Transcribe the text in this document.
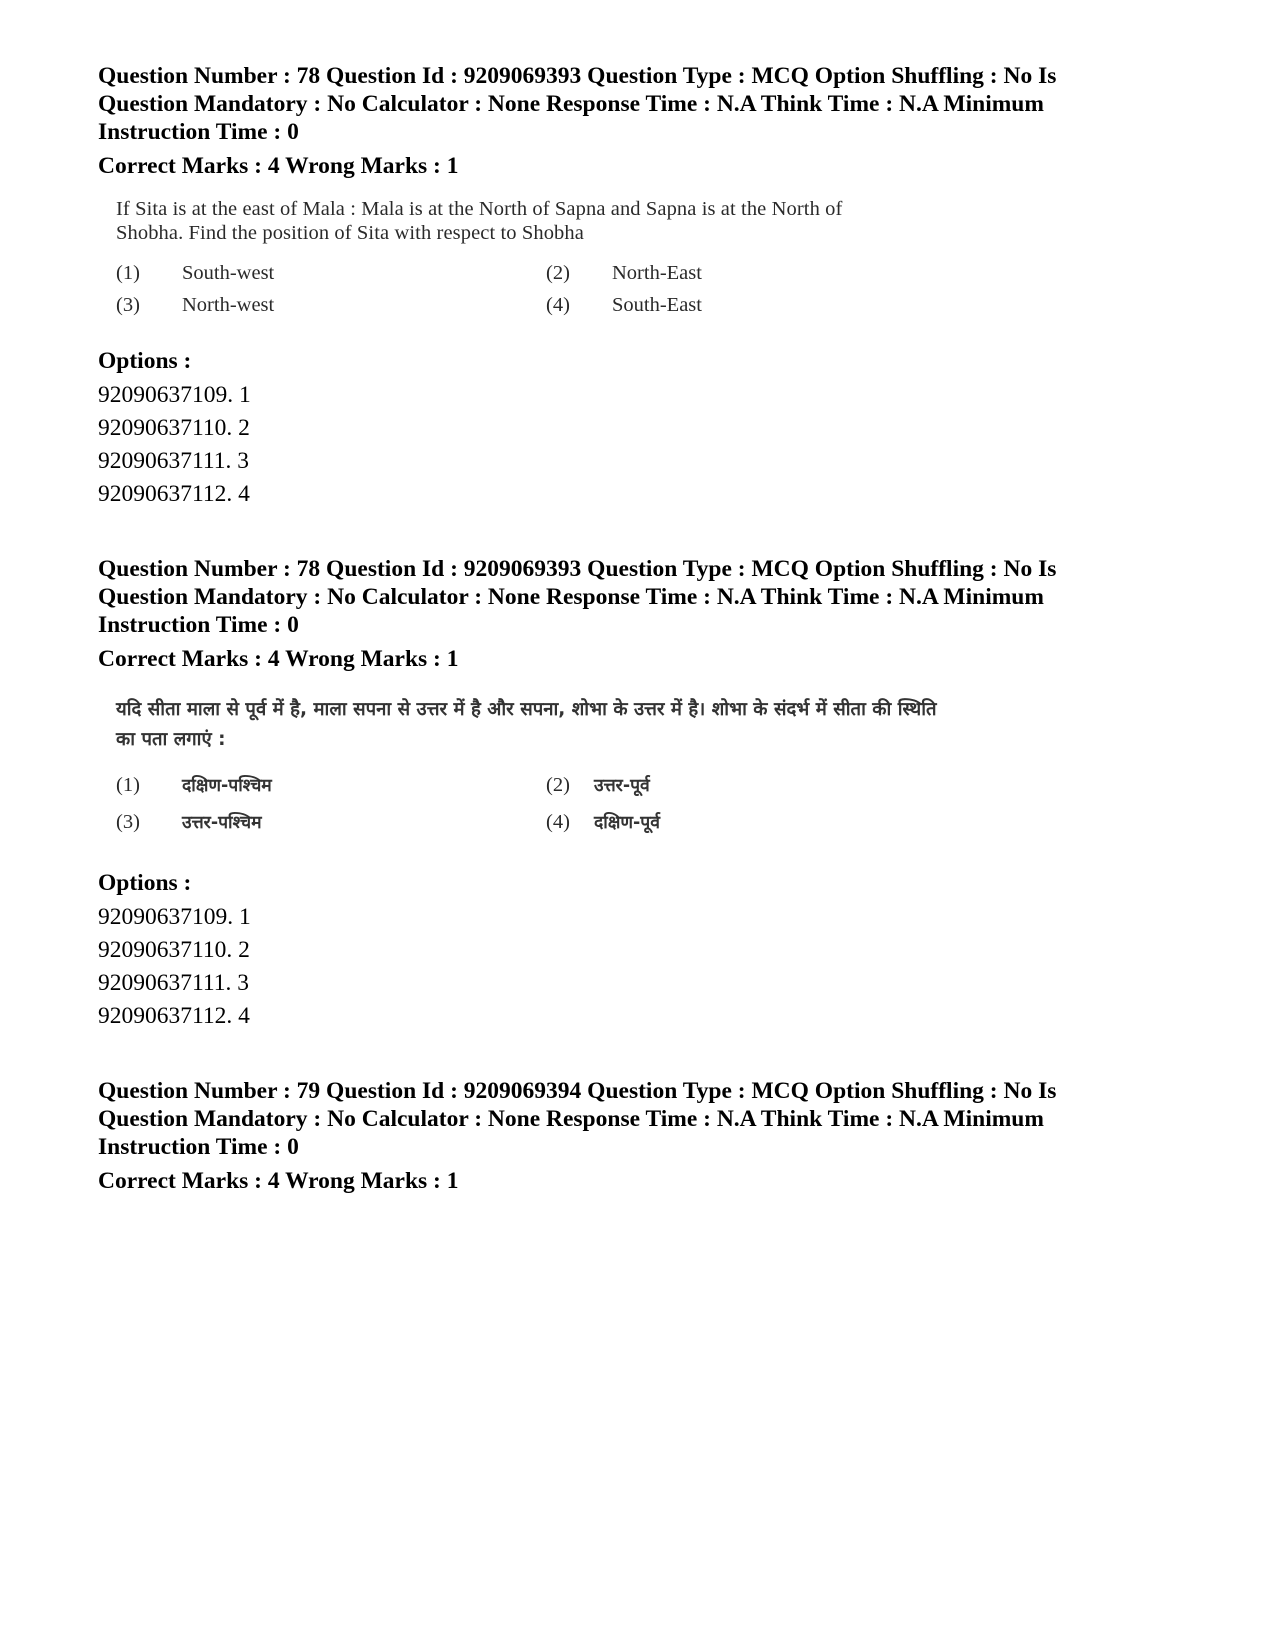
Question Number : 78 Question Id : 9209069393 Question Type : MCQ Option Shuffling : No Is
Question Mandatory : No Calculator : None Response Time : N.A Think Time : N.A Minimum
Instruction Time : 0
Correct Marks : 4 Wrong Marks : 1
If Sita is at the east of Mala : Mala is at the North of Sapna and Sapna is at the North of
Shobha. Find the position of Sita with respect to Shobha
(1)	South-west	(2)	North-East
(3)	North-west	(4)	South-East
Options :
92090637109. 1
92090637110. 2
92090637111. 3
92090637112. 4
Question Number : 78 Question Id : 9209069393 Question Type : MCQ Option Shuffling : No Is
Question Mandatory : No Calculator : None Response Time : N.A Think Time : N.A Minimum
Instruction Time : 0
Correct Marks : 4 Wrong Marks : 1
यदि सीता माला से पूर्व में है, माला सपना से उत्तर में है और सपना, शोभा के उत्तर में है। शोभा के संदर्भ में सीता की स्थिति
का पता लगाएं :
(1)	दक्षिण-पश्चिम	(2)	उत्तर-पूर्व
(3)	उत्तर-पश्चिम	(4)	दक्षिण-पूर्व
Options :
92090637109. 1
92090637110. 2
92090637111. 3
92090637112. 4
Question Number : 79 Question Id : 9209069394 Question Type : MCQ Option Shuffling : No Is
Question Mandatory : No Calculator : None Response Time : N.A Think Time : N.A Minimum
Instruction Time : 0
Correct Marks : 4 Wrong Marks : 1
